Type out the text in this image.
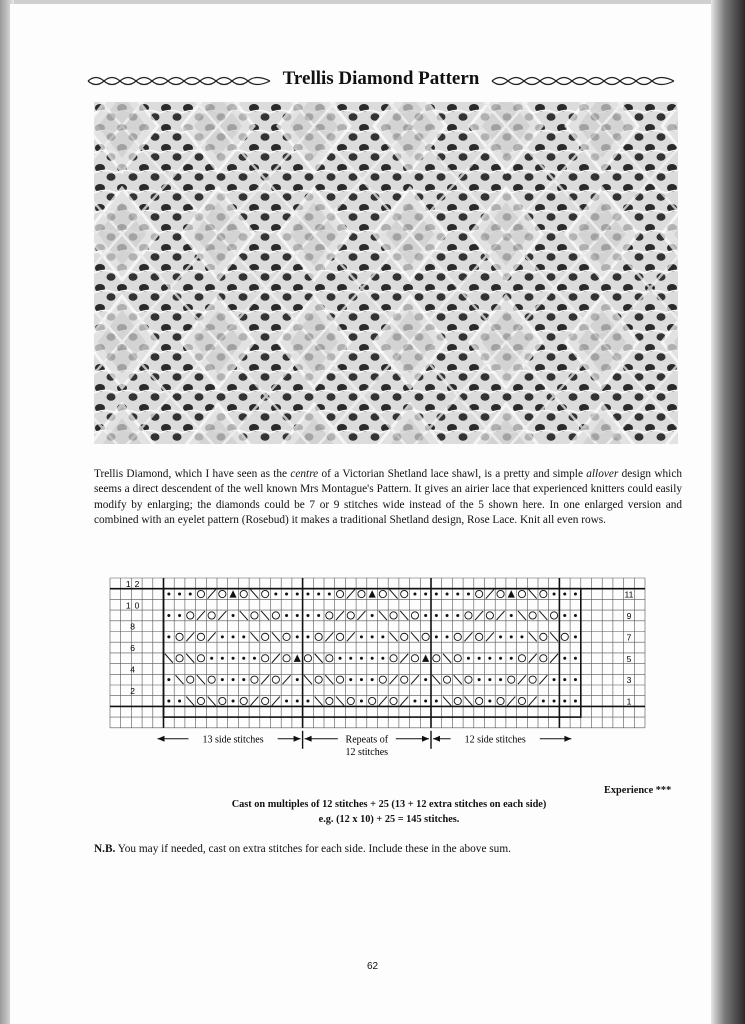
Trellis Diamond Pattern

Trellis Diamond, which I have seen as the centre of a Victorian Shetland lace shawl, is a pretty and simple allover design which seems a direct descendent of the well known Mrs Montague's Pattern. It gives an airier lace that experienced knitters could easily modify by enlarging; the diamonds could be 7 or 9 stitches wide instead of the 5 shown here. In one enlarged version and combined with an eyelet pattern (Rosebud) it makes a traditional Shetland design, Rose Lace. Knit all even rows.

11
9
7
5
3
1
12
10
8
6
4
2
13 side stitches	Repeats of
12 stitches
12 side stitches
Cast on multiples of 12 stitches + 25 (13 + 12 extra stitches on each side)
e.g. (12 x 10) + 25 = 145 stitches.
Experience ***
N.B. You may if needed, cast on extra stitches for each side. Include these in the above sum.
62
